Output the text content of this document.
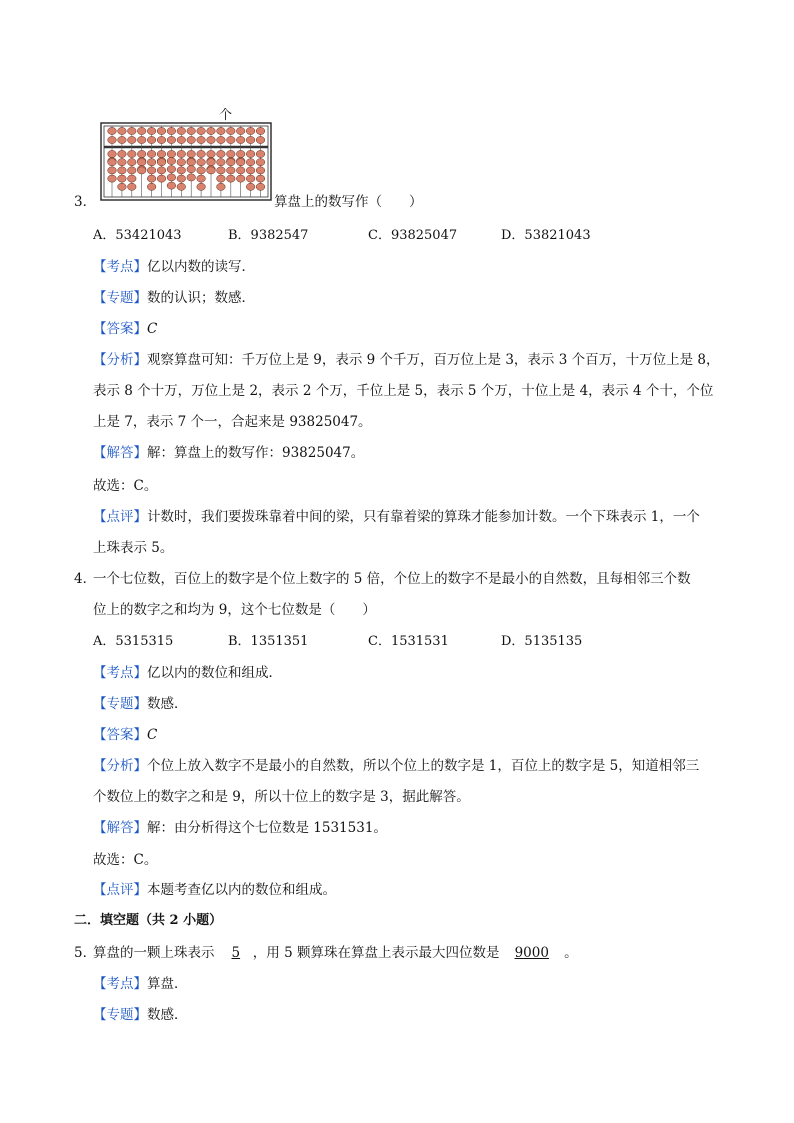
个
3．	算盘上的数写作（　　）
A．53421043	B．9382547	C．93825047	D．53821043
【考点】亿以内数的读写．
【专题】数的认识；数感．
【答案】C
【分析】观察算盘可知：千万位上是 9，表示 9 个千万，百万位上是 3，表示 3 个百万，十万位上是 8，
表示 8 个十万，万位上是 2，表示 2 个万，千位上是 5，表示 5 个万，十位上是 4，表示 4 个十，个位
上是 7，表示 7 个一，合起来是 93825047。
【解答】解：算盘上的数写作：93825047。
故选：C。
【点评】计数时，我们要拨珠靠着中间的梁，只有靠着梁的算珠才能参加计数。一个下珠表示 1，一个
上珠表示 5。
4．
一个七位数，百位上的数字是个位上数字的 5 倍，个位上的数字不是最小的自然数，且每相邻三个数
位上的数字之和均为 9，这个七位数是（　　）
A．5315315	B．1351351	C．1531531	D．5135135
【考点】亿以内的数位和组成．
【专题】数感．
【答案】C
【分析】个位上放入数字不是最小的自然数，所以个位上的数字是 1，百位上的数字是 5，知道相邻三
个数位上的数字之和是 9，所以十位上的数字是 3，据此解答。
【解答】解：由分析得这个七位数是 1531531。
故选：C。
【点评】本题考查亿以内的数位和组成。
二．填空题（共 2 小题）
5．
算盘的一颗上珠表示 5 ，用 5 颗算珠在算盘上表示最大四位数是 9000 。
【考点】算盘．
【专题】数感．
